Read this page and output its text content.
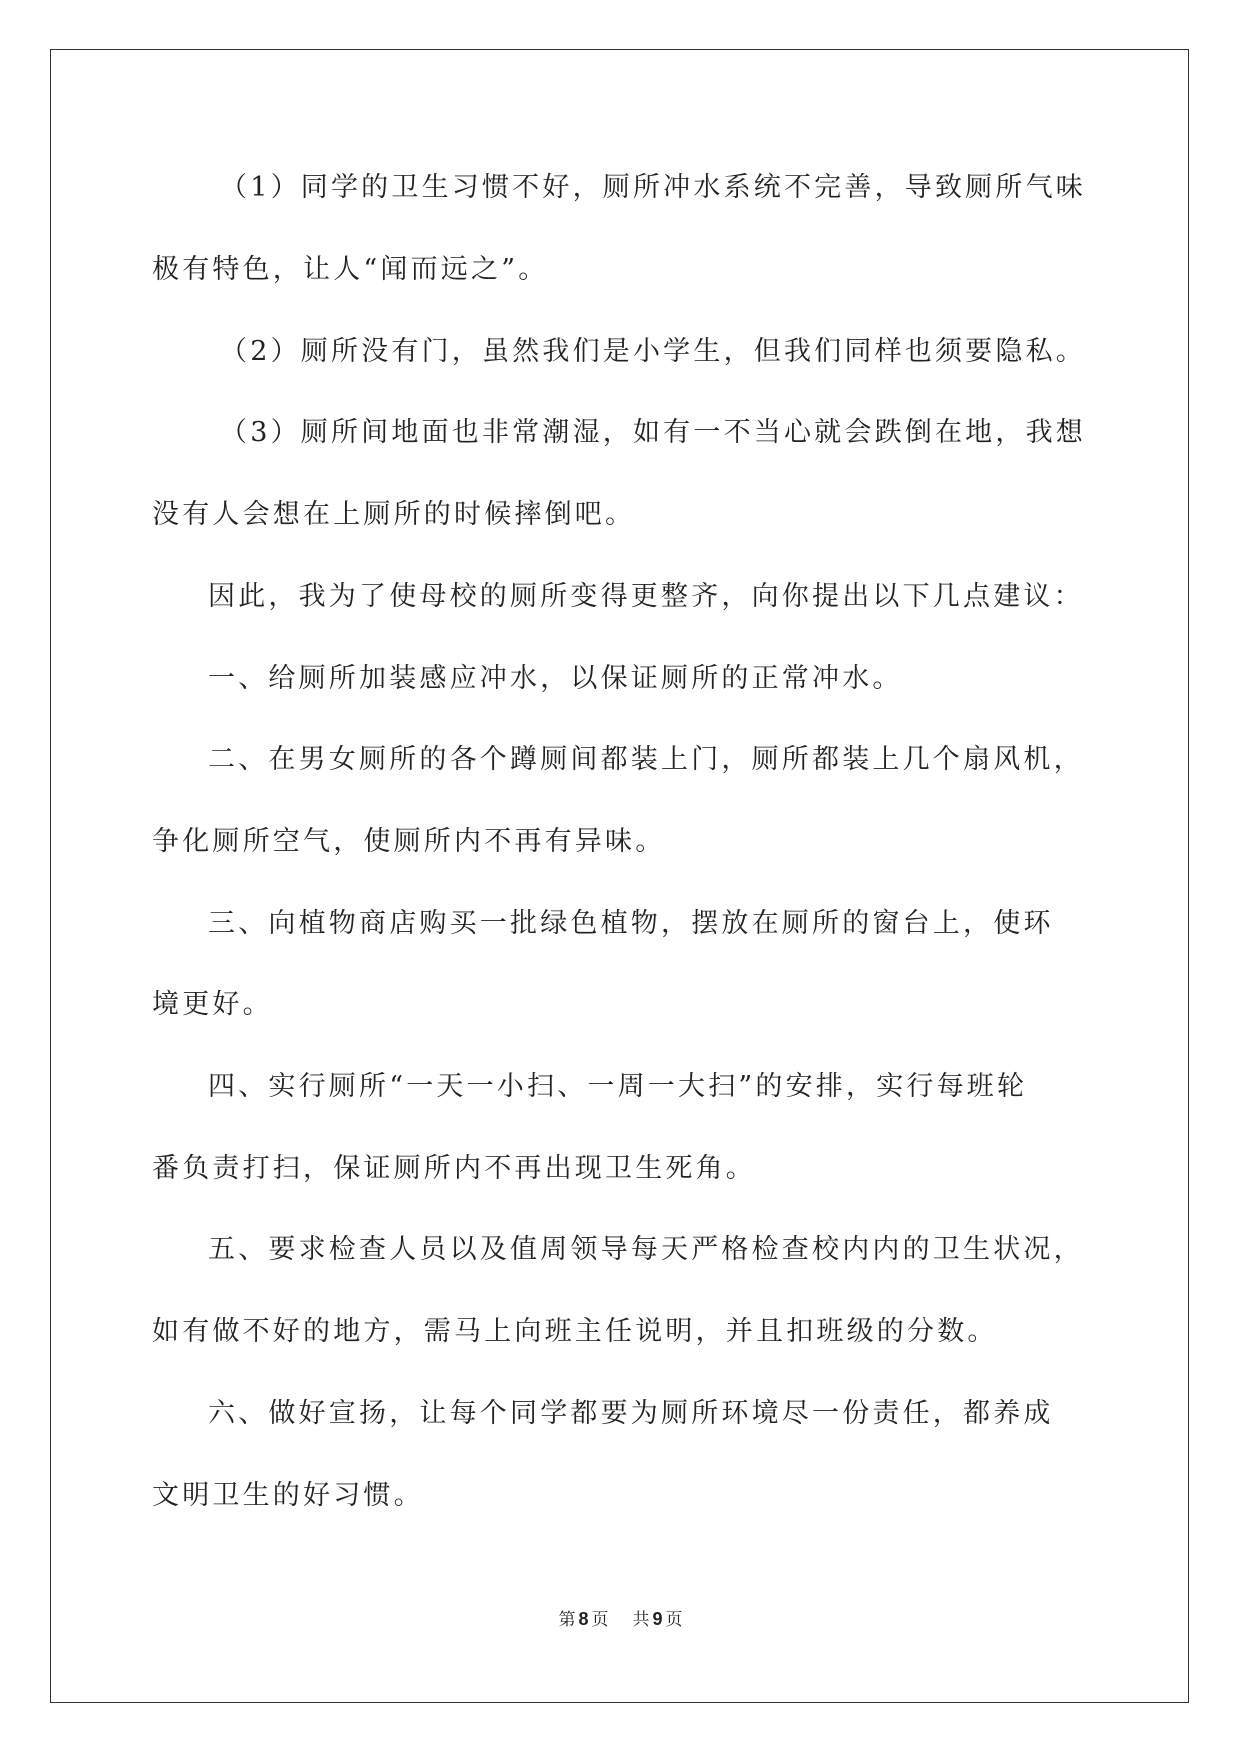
（1）同学的卫生习惯不好，厕所冲水系统不完善，导致厕所气味
极有特色，让人“闻而远之”。
（2）厕所没有门，虽然我们是小学生，但我们同样也须要隐私。
（3）厕所间地面也非常潮湿，如有一不当心就会跌倒在地，我想
没有人会想在上厕所的时候摔倒吧。
因此，我为了使母校的厕所变得更整齐，向你提出以下几点建议：
一、给厕所加装感应冲水，以保证厕所的正常冲水。
二、在男女厕所的各个蹲厕间都装上门，厕所都装上几个扇风机，
争化厕所空气，使厕所内不再有异味。
三、向植物商店购买一批绿色植物，摆放在厕所的窗台上，使环
境更好。
四、实行厕所“一天一小扫、一周一大扫”的安排，实行每班轮
番负责打扫，保证厕所内不再出现卫生死角。
五、要求检查人员以及值周领导每天严格检查校内内的卫生状况，
如有做不好的地方，需马上向班主任说明，并且扣班级的分数。
六、做好宣扬，让每个同学都要为厕所环境尽一份责任，都养成
文明卫生的好习惯。
第 8 页 共 9 页
